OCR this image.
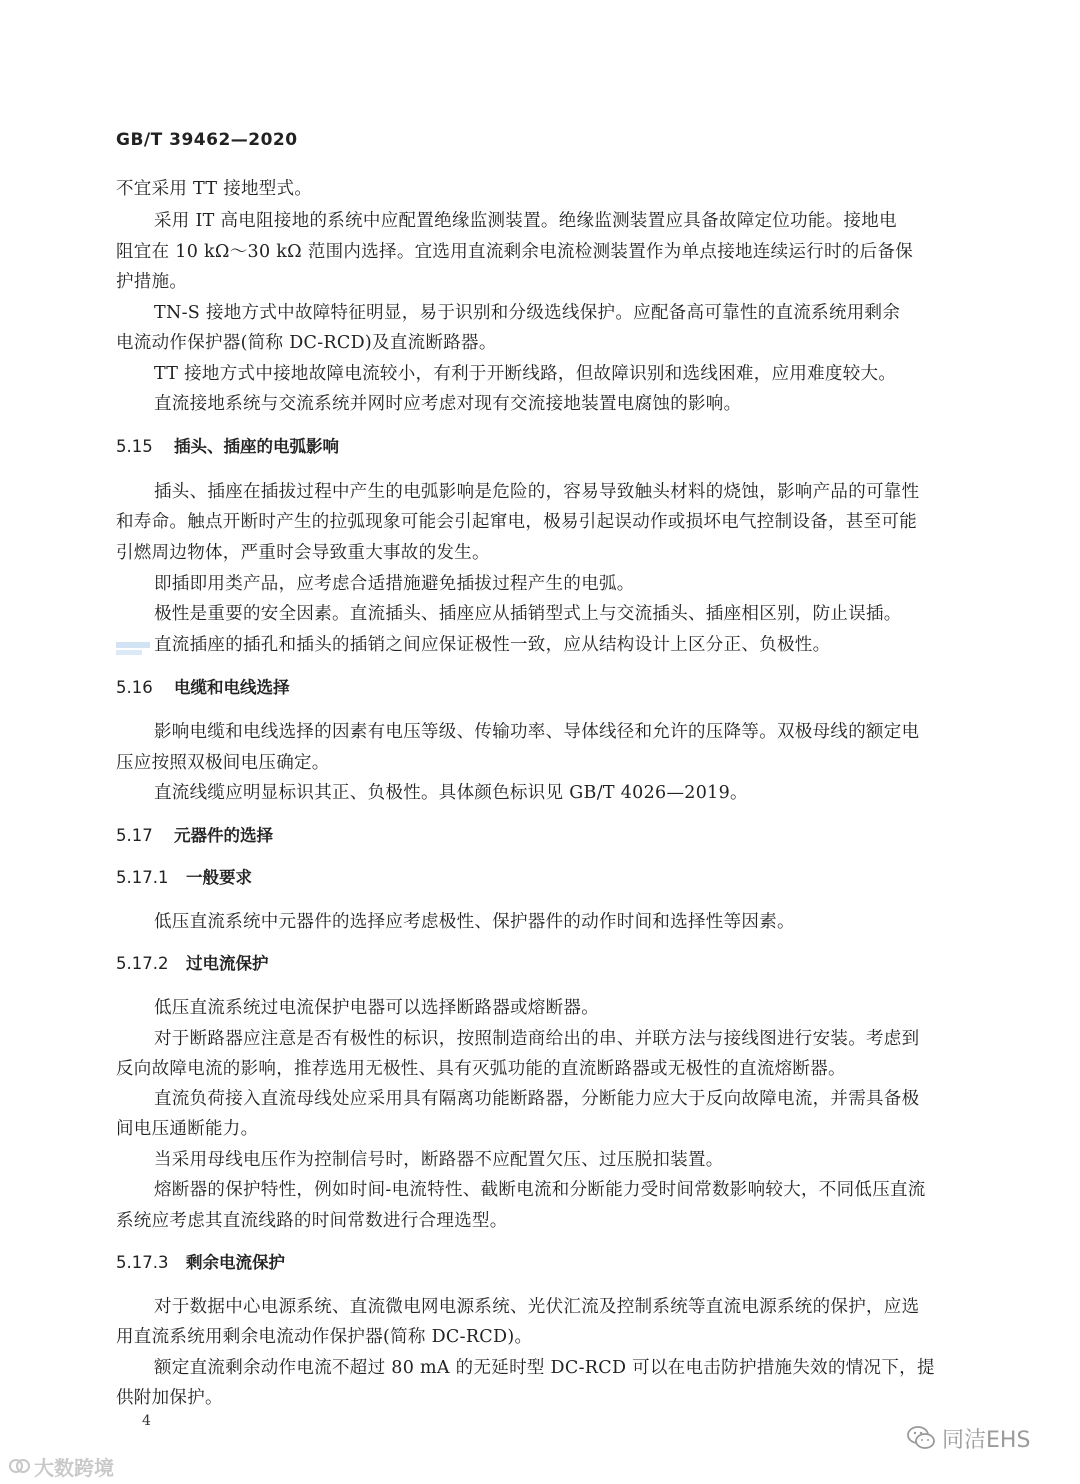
GB/T 39462—2020
不宜采用 TT 接地型式。
采用 IT 高电阻接地的系统中应配置绝缘监测装置。绝缘监测装置应具备故障定位功能。接地电
阻宜在 10 kΩ～30 kΩ 范围内选择。宜选用直流剩余电流检测装置作为单点接地连续运行时的后备保
护措施。
TN-S 接地方式中故障特征明显，易于识别和分级选线保护。应配备高可靠性的直流系统用剩余
电流动作保护器(简称 DC-RCD)及直流断路器。
TT 接地方式中接地故障电流较小，有利于开断线路，但故障识别和选线困难，应用难度较大。
直流接地系统与交流系统并网时应考虑对现有交流接地装置电腐蚀的影响。
5.15 插头、插座的电弧影响
插头、插座在插拔过程中产生的电弧影响是危险的，容易导致触头材料的烧蚀，影响产品的可靠性
和寿命。触点开断时产生的拉弧现象可能会引起窜电，极易引起误动作或损坏电气控制设备，甚至可能
引燃周边物体，严重时会导致重大事故的发生。
即插即用类产品，应考虑合适措施避免插拔过程产生的电弧。
极性是重要的安全因素。直流插头、插座应从插销型式上与交流插头、插座相区别，防止误插。
直流插座的插孔和插头的插销之间应保证极性一致，应从结构设计上区分正、负极性。
5.16 电缆和电线选择
影响电缆和电线选择的因素有电压等级、传输功率、导体线径和允许的压降等。双极母线的额定电
压应按照双极间电压确定。
直流线缆应明显标识其正、负极性。具体颜色标识见 GB/T 4026—2019。
5.17 元器件的选择
5.17.1 一般要求
低压直流系统中元器件的选择应考虑极性、保护器件的动作时间和选择性等因素。
5.17.2 过电流保护
低压直流系统过电流保护电器可以选择断路器或熔断器。
对于断路器应注意是否有极性的标识，按照制造商给出的串、并联方法与接线图进行安装。考虑到
反向故障电流的影响，推荐选用无极性、具有灭弧功能的直流断路器或无极性的直流熔断器。
直流负荷接入直流母线处应采用具有隔离功能断路器，分断能力应大于反向故障电流，并需具备极
间电压通断能力。
当采用母线电压作为控制信号时，断路器不应配置欠压、过压脱扣装置。
熔断器的保护特性，例如时间-电流特性、截断电流和分断能力受时间常数影响较大，不同低压直流
系统应考虑其直流线路的时间常数进行合理选型。
5.17.3 剩余电流保护
对于数据中心电源系统、直流微电网电源系统、光伏汇流及控制系统等直流电源系统的保护，应选
用直流系统用剩余电流动作保护器(简称 DC-RCD)。
额定直流剩余动作电流不超过 80 mA 的无延时型 DC-RCD 可以在电击防护措施失效的情况下，提
供附加保护。
4
大数跨境
同洁EHS
